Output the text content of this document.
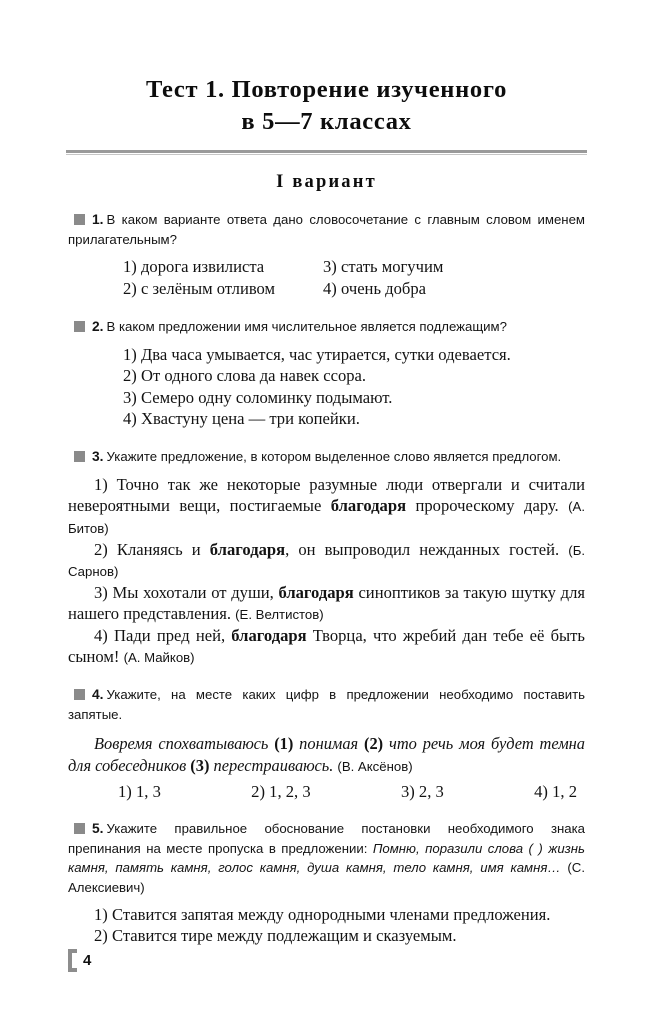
Тест 1. Повторение изученного
в 5—7 классах
I вариант

1. В каком варианте ответа дано словосочетание с главным словом именем прилагательным?

1) дорога извилиста	3) стать могучим
2) с зелёным отливом	4) очень добра

2. В каком предложении имя числительное является подлежащим?

1) Два часа умывается, час утирается, сутки одевается.
2) От одного слова да навек ссора.
3) Семеро одну соломинку подымают.
4) Хвастуну цена — три копейки.

3. Укажите предложение, в котором выделенное слово является предлогом.

1) Точно так же некоторые разумные люди отвергали и считали невероятными вещи, постигаемые благодаря пророческому дару. (А. Битов)

2) Кланяясь и благодаря, он выпроводил нежданных гостей. (Б. Сарнов)

3) Мы хохотали от души, благодаря синоптиков за такую шутку для нашего представления. (Е. Велтистов)

4) Пади пред ней, благодаря Творца, что жребий дан тебе её быть сыном! (А. Майков)

4. Укажите, на месте каких цифр в предложении необходимо поставить запятые.

Вовремя спохватываюсь (1) понимая (2) что речь моя будет темна для собеседников (3) перестраиваюсь. (В. Аксёнов)

1) 1, 3	2) 1, 2, 3	3) 2, 3	4) 1, 2

5. Укажите правильное обоснование постановки необходимого знака препинания на месте пропуска в предложении: Помню, поразили слова ( ) жизнь камня, память камня, голос камня, душа камня, тело камня, имя камня… (С. Алексиевич)

1) Ставится запятая между однородными членами предложения.

2) Ставится тире между подлежащим и сказуемым.

4
